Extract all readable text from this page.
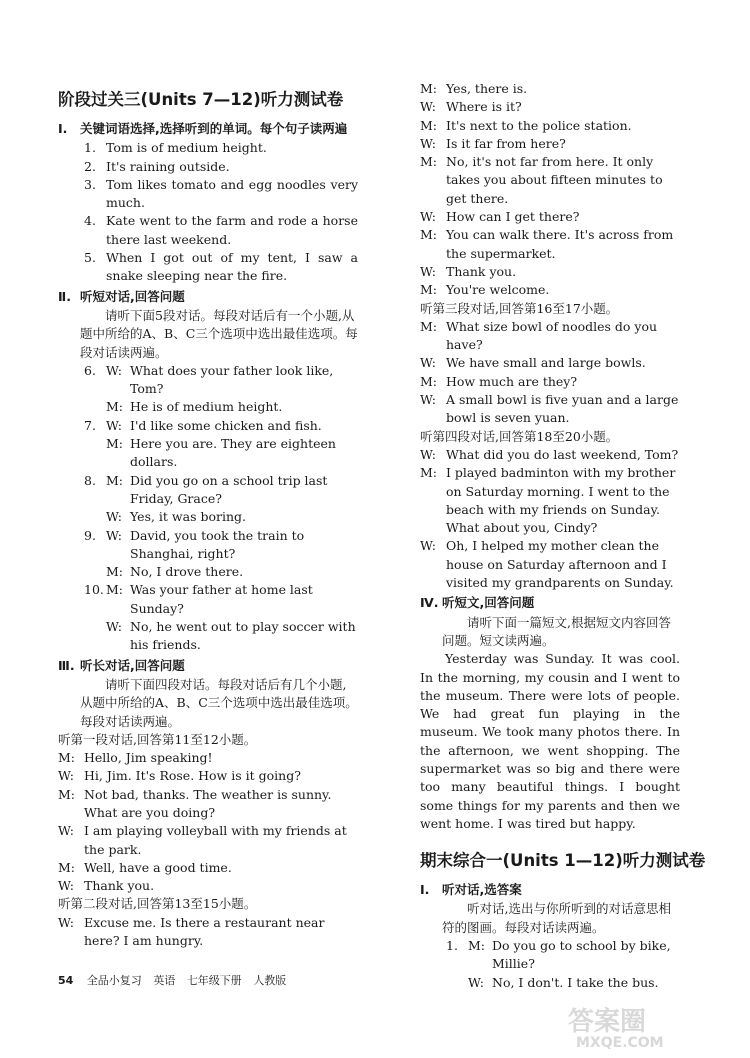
阶段过关三(Units 7—12)听力测试卷
Ⅰ. 关键词语选择,选择听到的单词。每个句子读两遍
1. Tom is of medium height.
2. It's raining outside.
3. Tom likes tomato and egg noodles very much.
4. Kate went to the farm and rode a horse there last weekend.
5. When I got out of my tent, I saw a snake sleeping near the fire.
Ⅱ. 听短对话,回答问题
请听下面5段对话。每段对话后有一个小题,从题中所给的A、B、C三个选项中选出最佳选项。每段对话读两遍。
6. W: What does your father look like, Tom?
M: He is of medium height.
7. W: I'd like some chicken and fish.
M: Here you are. They are eighteen dollars.
8. M: Did you go on a school trip last Friday, Grace?
W: Yes, it was boring.
9. W: David, you took the train to Shanghai, right?
M: No, I drove there.
10. M: Was your father at home last Sunday?
W: No, he went out to play soccer with his friends.
Ⅲ. 听长对话,回答问题
请听下面四段对话。每段对话后有几个小题,从题中所给的A、B、C三个选项中选出最佳选项。每段对话读两遍。
听第一段对话,回答第11至12小题。
M: Hello, Jim speaking!
W: Hi, Jim. It's Rose. How is it going?
M: Not bad, thanks. The weather is sunny. What are you doing?
W: I am playing volleyball with my friends at the park.
M: Well, have a good time.
W: Thank you.
听第二段对话,回答第13至15小题。
W: Excuse me. Is there a restaurant near here? I am hungry.
M: Yes, there is.
W: Where is it?
M: It's next to the police station.
W: Is it far from here?
M: No, it's not far from here. It only takes you about fifteen minutes to get there.
W: How can I get there?
M: You can walk there. It's across from the supermarket.
W: Thank you.
M: You're welcome.
听第三段对话,回答第16至17小题。
M: What size bowl of noodles do you have?
W: We have small and large bowls.
M: How much are they?
W: A small bowl is five yuan and a large bowl is seven yuan.
听第四段对话,回答第18至20小题。
W: What did you do last weekend, Tom?
M: I played badminton with my brother on Saturday morning. I went to the beach with my friends on Sunday. What about you, Cindy?
W: Oh, I helped my mother clean the house on Saturday afternoon and I visited my grandparents on Sunday.
Ⅳ. 听短文,回答问题
请听下面一篇短文,根据短文内容回答问题。短文读两遍。
Yesterday was Sunday. It was cool. In the morning, my cousin and I went to the museum. There were lots of people. We had great fun playing in the museum. We took many photos there. In the afternoon, we went shopping. The supermarket was so big and there were too many beautiful things. I bought some things for my parents and then we went home. I was tired but happy.
期末综合一(Units 1—12)听力测试卷
Ⅰ. 听对话,选答案
听对话,选出与你所听到的对话意思相符的图画。每段对话读两遍。
1. M: Do you go to school by bike, Millie?
W: No, I don't. I take the bus.
54 全品小复习 英语 七年级下册 人教版
答案圈
MXQE.COM
